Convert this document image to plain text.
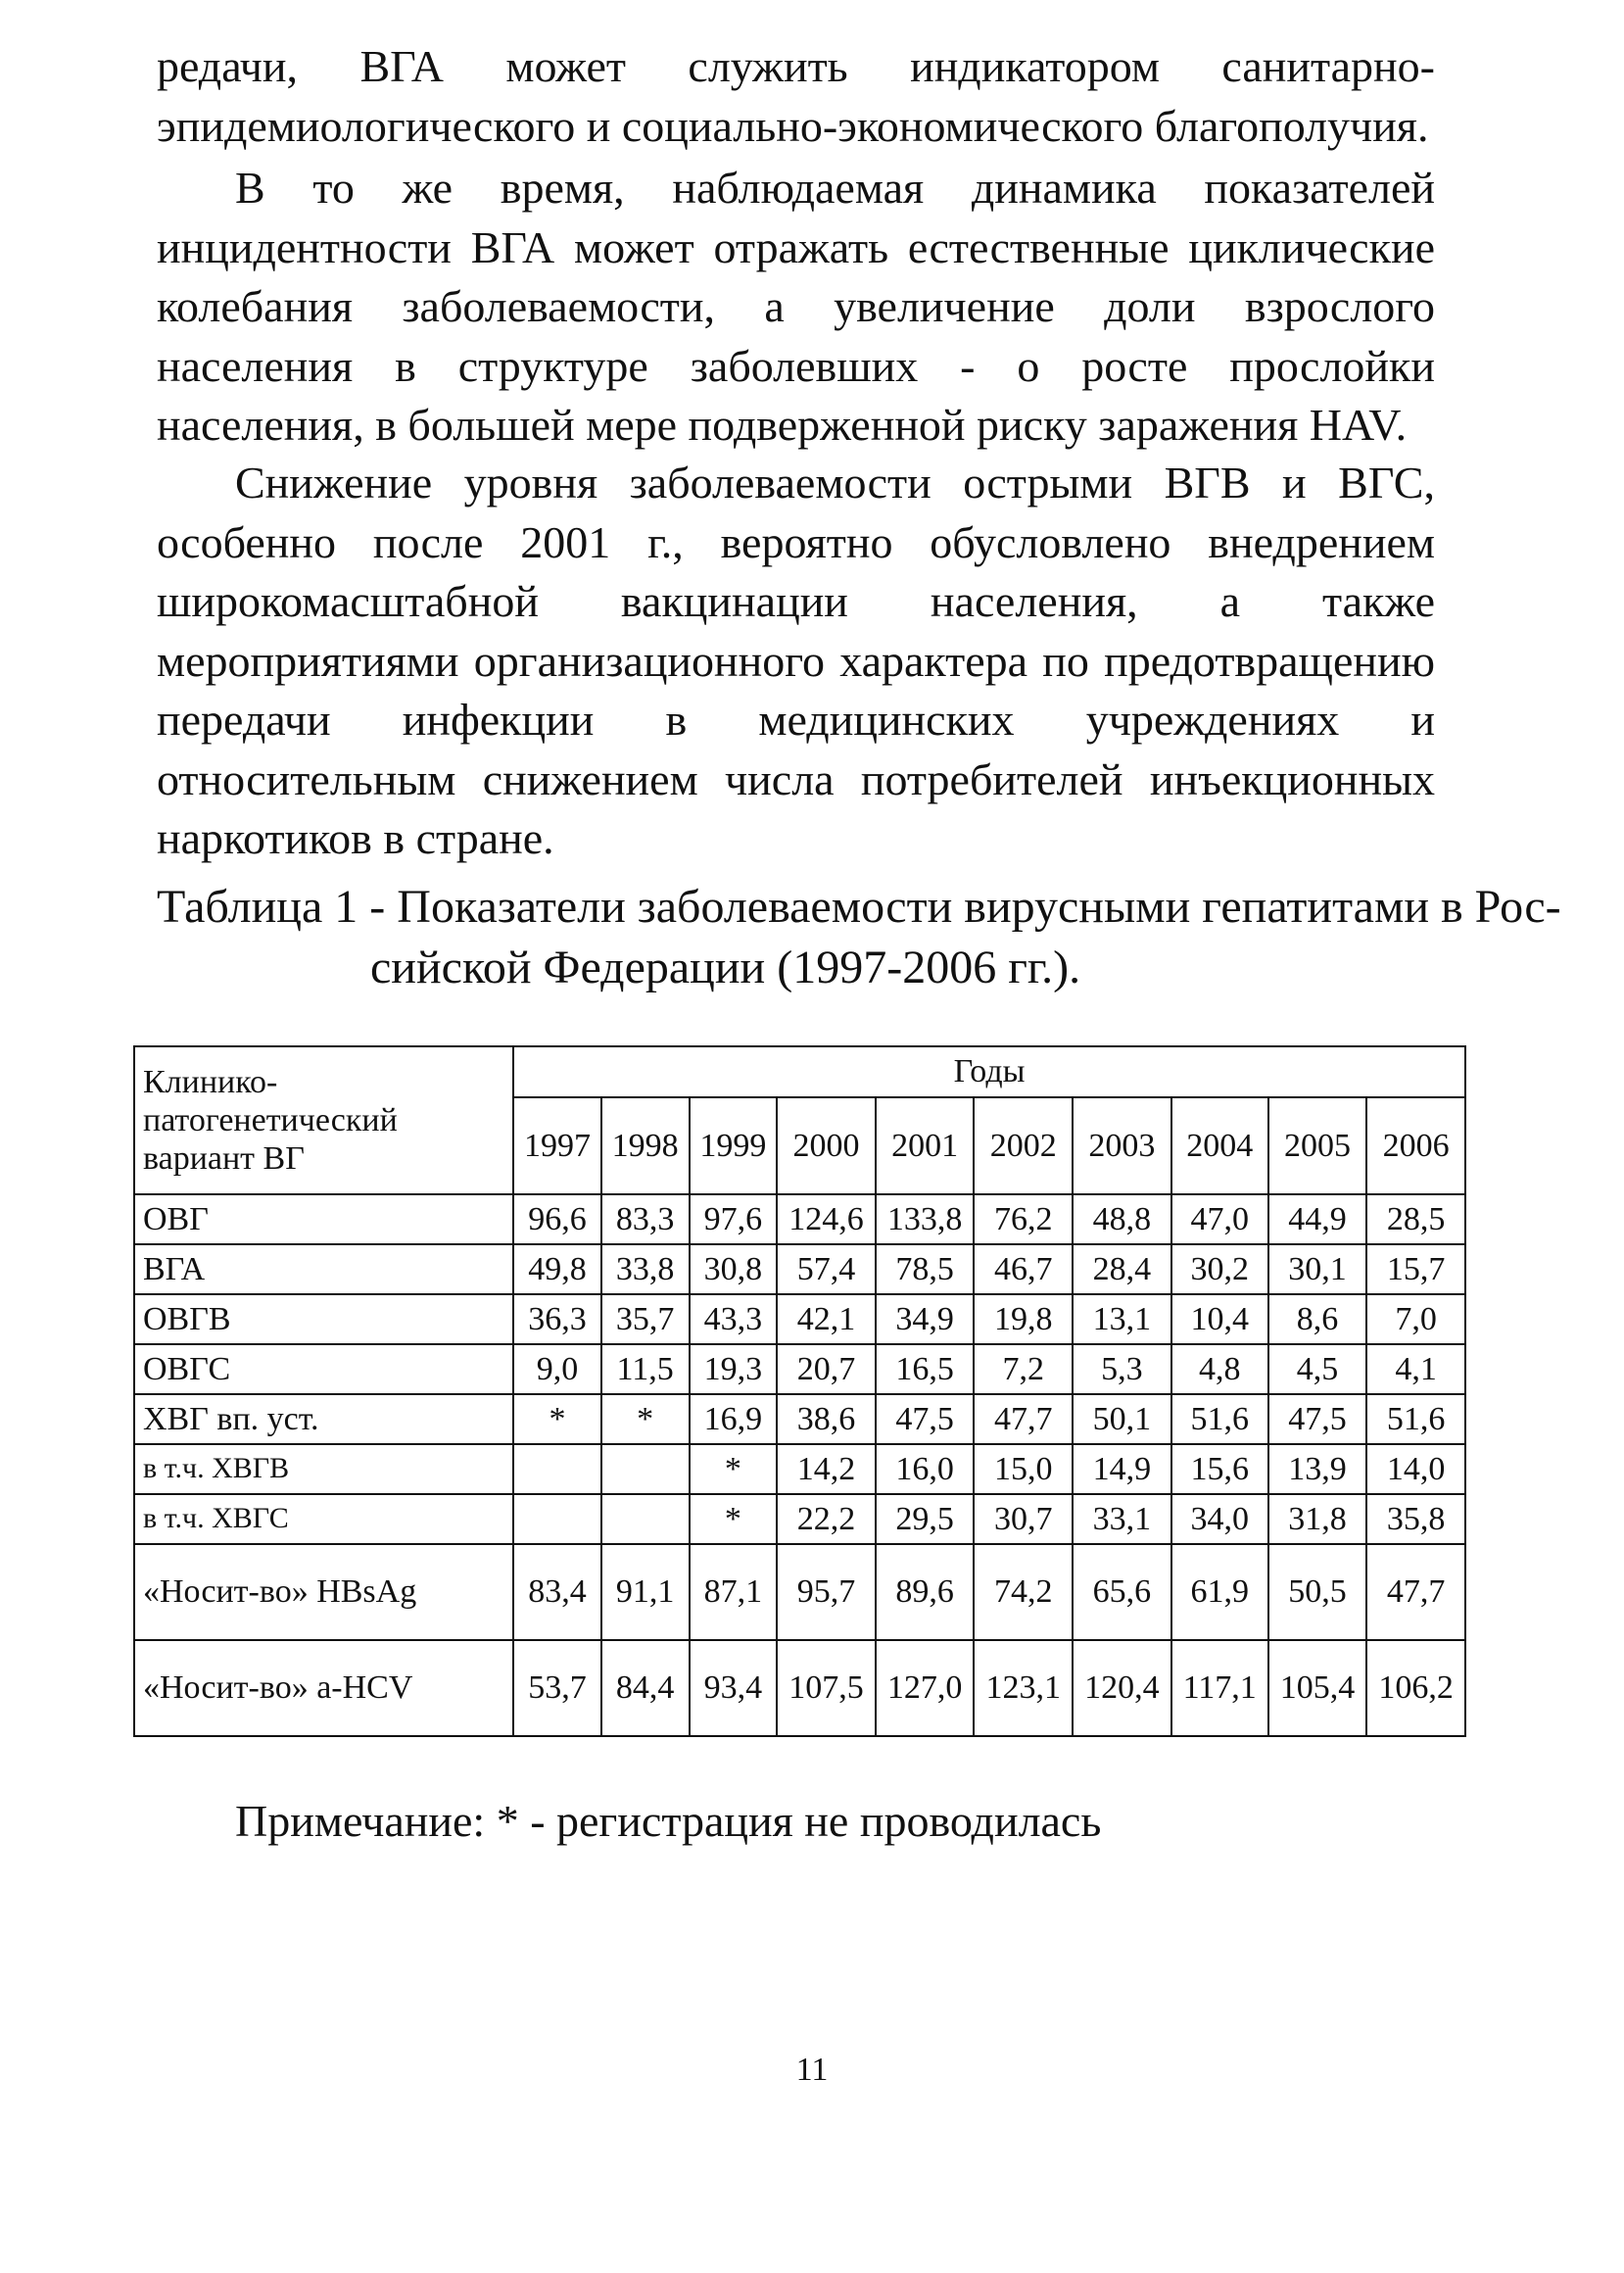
редачи, ВГА может служить индикатором санитарно-эпидемиологического и социально-экономического благополучия.

В то же время, наблюдаемая динамика показателей инцидентности ВГА может отражать естественные циклические колебания заболеваемости, а увеличение доли взрослого населения в структуре заболевших - о росте прослойки населения, в большей мере подверженной риску заражения HAV.

Снижение уровня заболеваемости острыми ВГВ и ВГС, особенно после 2001 г., вероятно обусловлено внедрением широкомасштабной вакцинации населения, а также мероприятиями организационного характера по предотвращению передачи инфекции в медицинских учреждениях и относительным снижением числа потребителей инъекционных наркотиков в стране.

Таблица 1 - Показатели заболеваемости вирусными гепатитами в Рос-
сийской Федерации (1997-2006 гг.).

Клинико-патогенетический вариант ВГ	Годы									
	1997	1998	1999	2000	2001	2002	2003	2004	2005	2006
ОВГ	96,6	83,3	97,6	124,6	133,8	76,2	48,8	47,0	44,9	28,5
ВГА	49,8	33,8	30,8	57,4	78,5	46,7	28,4	30,2	30,1	15,7
ОВГВ	36,3	35,7	43,3	42,1	34,9	19,8	13,1	10,4	8,6	7,0
ОВГС	9,0	11,5	19,3	20,7	16,5	7,2	5,3	4,8	4,5	4,1
ХВГ вп. уст.	*	*	16,9	38,6	47,5	47,7	50,1	51,6	47,5	51,6
в т.ч. ХВГВ			*	14,2	16,0	15,0	14,9	15,6	13,9	14,0
в т.ч. ХВГС			*	22,2	29,5	30,7	33,1	34,0	31,8	35,8
«Носит-во» HBsAg	83,4	91,1	87,1	95,7	89,6	74,2	65,6	61,9	50,5	47,7
«Носит-во» a-HCV	53,7	84,4	93,4	107,5	127,0	123,1	120,4	117,1	105,4	106,2

Примечание: * - регистрация не проводилась

11
